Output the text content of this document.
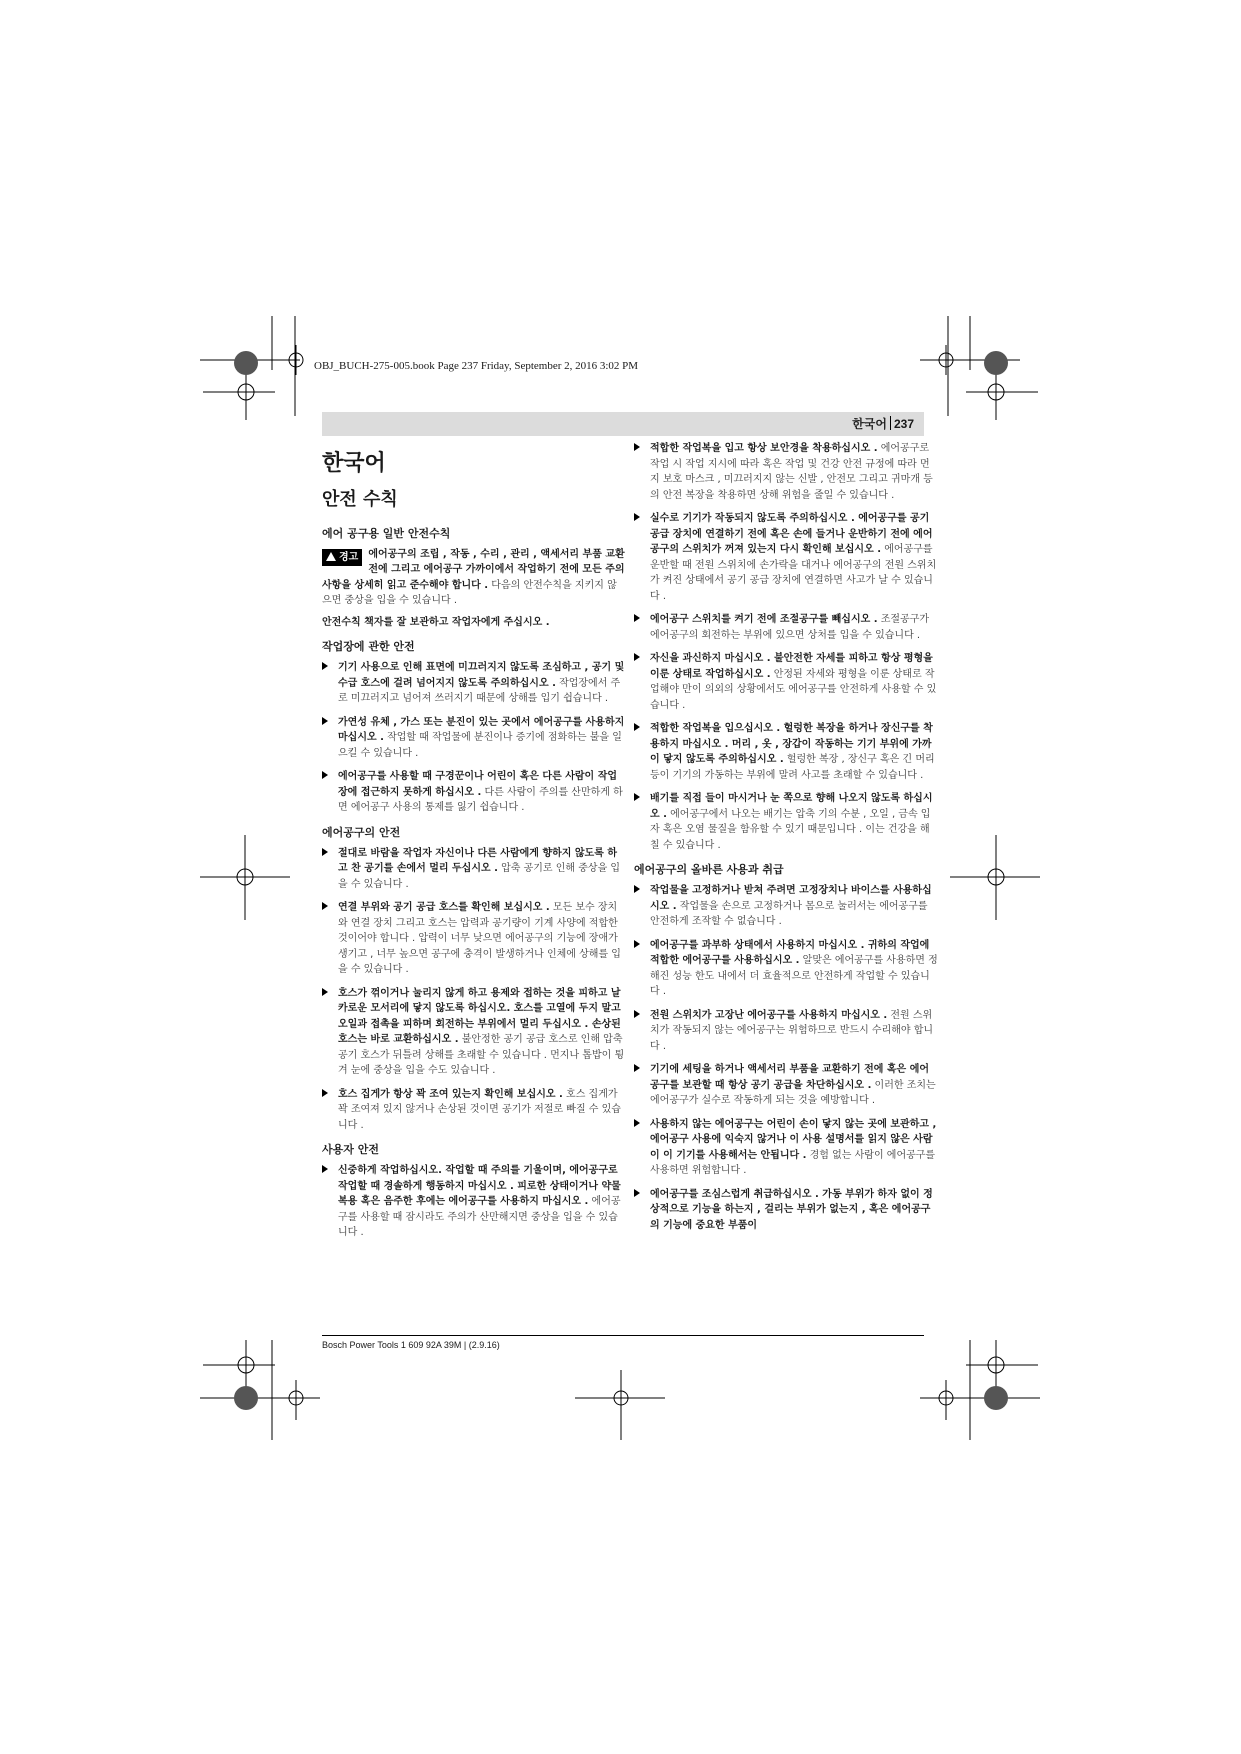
OBJ_BUCH-275-005.book Page 237 Friday, September 2, 2016 3:02 PM
한국어 237
한국어
안전 수칙
에어 공구용 일반 안전수칙
경고	에어공구의 조립 , 작동 , 수리 , 관리 , 액세서리 부품 교환 전에 그리고 에어공구 가까이에서 작업하기 전에 모든 주의 사항을 상세히 읽고 준수해야 합니다 . 다음의 안전수칙을 지키지 않으면 중상을 입을 수 있습니다 .
안전수칙 책자를 잘 보관하고 작업자에게 주십시오 .
작업장에 관한 안전
기기 사용으로 인해 표면에 미끄러지지 않도록 조심하고 , 공기 및 수급 호스에 걸려 넘어지지 않도록 주의하십시오 . 작업장에서 주로 미끄러지고 넘어져 쓰러지기 때문에 상해를 입기 쉽습니다 .
가연성 유체 , 가스 또는 분진이 있는 곳에서 에어공구를 사용하지 마십시오 . 작업할 때 작업물에 분진이나 증기에 점화하는 불을 일으킬 수 있습니다 .
에어공구를 사용할 때 구경꾼이나 어린이 혹은 다른 사람이 작업장에 접근하지 못하게 하십시오 . 다른 사람이 주의를 산만하게 하면 에어공구 사용의 통제를 잃기 쉽습니다 .
에어공구의 안전
절대로 바람을 작업자 자신이나 다른 사람에게 향하지 않도록 하고 찬 공기를 손에서 멀리 두십시오 . 압축 공기로 인해 중상을 입을 수 있습니다 .
연결 부위와 공기 공급 호스를 확인해 보십시오 . 모든 보수 장치와 연결 장치 그리고 호스는 압력과 공기량이 기계 사양에 적합한 것이어야 합니다 . 압력이 너무 낮으면 에어공구의 기능에 장애가 생기고 , 너무 높으면 공구에 충격이 발생하거나 인체에 상해를 입을 수 있습니다 .
호스가 꺾이거나 눌리지 않게 하고 용제와 접하는 것을 피하고 날카로운 모서리에 닿지 않도록 하십시오. 호스를 고열에 두지 말고 오일과 접촉을 피하며 회전하는 부위에서 멀리 두십시오 . 손상된 호스는 바로 교환하십시오 . 불안정한 공기 공급 호스로 인해 압축 공기 호스가 뒤틀려 상해를 초래할 수 있습니다 . 먼지나 톱밥이 튕겨 눈에 중상을 입을 수도 있습니다 .
호스 집게가 항상 꽉 조여 있는지 확인해 보십시오 . 호스 집게가 꽉 조여져 있지 않거나 손상된 것이면 공기가 저절로 빠질 수 있습니다 .
사용자 안전
신중하게 작업하십시오. 작업할 때 주의를 기울이며, 에어공구로 작업할 때 경솔하게 행동하지 마십시오 . 피로한 상태이거나 약물 복용 혹은 음주한 후에는 에어공구를 사용하지 마십시오 . 에어공구를 사용할 때 잠시라도 주의가 산만해지면 중상을 입을 수 있습니다 .
적합한 작업복을 입고 항상 보안경을 착용하십시오 . 에어공구로 작업 시 작업 지시에 따라 혹은 작업 및 건강 안전 규정에 따라 먼지 보호 마스크 , 미끄러지지 않는 신발 , 안전모 그리고 귀마개 등의 안전 복장을 착용하면 상해 위험을 줄일 수 있습니다 .
실수로 기기가 작동되지 않도록 주의하십시오 . 에어공구를 공기 공급 장치에 연결하기 전에 혹은 손에 들거나 운반하기 전에 에어공구의 스위치가 꺼져 있는지 다시 확인해 보십시오 . 에어공구를 운반할 때 전원 스위치에 손가락을 대거나 에어공구의 전원 스위치가 켜진 상태에서 공기 공급 장치에 연결하면 사고가 날 수 있습니다 .
에어공구 스위치를 켜기 전에 조절공구를 빼십시오 . 조절공구가 에어공구의 회전하는 부위에 있으면 상처를 입을 수 있습니다 .
자신을 과신하지 마십시오 . 불안전한 자세를 피하고 항상 평형을 이룬 상태로 작업하십시오 . 안정된 자세와 평형을 이룬 상태로 작업해야 만이 의외의 상황에서도 에어공구를 안전하게 사용할 수 있습니다 .
적합한 작업복을 입으십시오 . 헐렁한 복장을 하거나 장신구를 착용하지 마십시오 . 머리 , 옷 , 장갑이 작동하는 기기 부위에 가까이 닿지 않도록 주의하십시오 . 헐렁한 복장 , 장신구 혹은 긴 머리 등이 기기의 가동하는 부위에 말려 사고를 초래할 수 있습니다 .
배기를 직접 들이 마시거나 눈 쪽으로 향해 나오지 않도록 하십시오 . 에어공구에서 나오는 배기는 압축 기의 수분 , 오일 , 금속 입자 혹은 오염 물질을 함유할 수 있기 때문입니다 . 이는 건강을 해칠 수 있습니다 .
에어공구의 올바른 사용과 취급
작업물을 고정하거나 받쳐 주려면 고정장치나 바이스를 사용하십시오 . 작업물을 손으로 고정하거나 몸으로 눌러서는 에어공구를 안전하게 조작할 수 없습니다 .
에어공구를 과부하 상태에서 사용하지 마십시오 . 귀하의 작업에 적합한 에어공구를 사용하십시오 . 알맞은 에어공구를 사용하면 정해진 성능 한도 내에서 더 효율적으로 안전하게 작업할 수 있습니다 .
전원 스위치가 고장난 에어공구를 사용하지 마십시오 . 전원 스위치가 작동되지 않는 에어공구는 위험하므로 반드시 수리해야 합니다 .
기기에 세팅을 하거나 액세서리 부품을 교환하기 전에 혹은 에어공구를 보관할 때 항상 공기 공급을 차단하십시오 . 이러한 조치는 에어공구가 실수로 작동하게 되는 것을 예방합니다 .
사용하지 않는 에어공구는 어린이 손이 닿지 않는 곳에 보관하고 , 에어공구 사용에 익숙지 않거나 이 사용 설명서를 읽지 않은 사람이 이 기기를 사용해서는 안됩니다 . 경험 없는 사람이 에어공구를 사용하면 위험합니다 .
에어공구를 조심스럽게 취급하십시오 . 가동 부위가 하자 없이 정상적으로 기능을 하는지 , 걸리는 부위가 없는지 , 혹은 에어공구의 기능에 중요한 부품이
Bosch Power Tools 1 609 92A 39M | (2.9.16)
